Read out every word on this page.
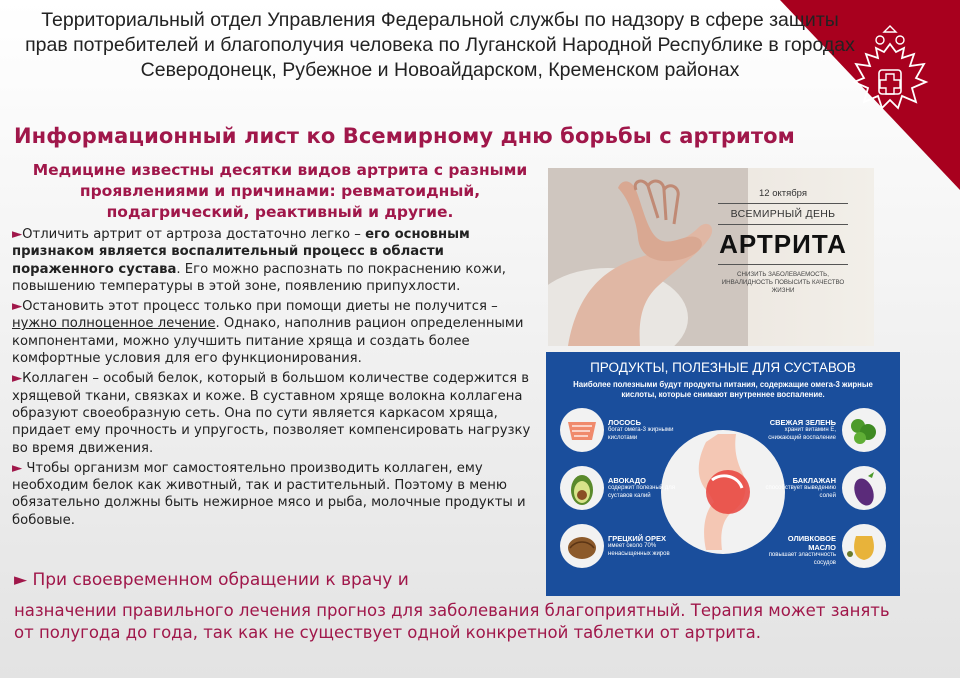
Территориальный отдел Управления Федеральной службы по надзору в сфере защиты прав потребителей и благополучия человека по Луганской Народной Республике в городах Северодонецк, Рубежное и Новоайдарском, Кременском районах
Информационный лист ко Всемирному дню борьбы с артритом
Медицине известны десятки видов артрита с разными проявлениями и причинами: ревматоидный, подагрический, реактивный и другие.

►Отличить артрит от артроза достаточно легко – его основным признаком является воспалительный процесс в области пораженного сустава. Его можно распознать по покраснению кожи, повышению температуры в этой зоне, появлению припухлости.

►Остановить этот процесс только при помощи диеты не получится – нужно полноценное лечение. Однако, наполнив рацион определенными компонентами, можно улучшить питание хряща и создать более комфортные условия для его функционирования.

►Коллаген – особый белок, который в большом количестве содержится в хрящевой ткани, связках и коже. В суставном хряще волокна коллагена образуют своеобразную сеть. Она по сути является каркасом хряща, придает ему прочность и упругость, позволяет компенсировать нагрузку во время движения.

► Чтобы организм мог самостоятельно производить коллаген, ему необходим белок как животный, так и растительный. Поэтому в меню обязательно должны быть нежирное мясо и рыба, молочные продукты и бобовые.

► При своевременном обращении к врачу и
назначении правильного лечения прогноз для заболевания благоприятный. Терапия может занять от полугода до года, так как не существует одной конкретной таблетки от артрита.
12 октября
ВСЕМИРНЫЙ ДЕНЬ
АРТРИТА
СНИЗИТЬ ЗАБОЛЕВАЕМОСТЬ, ИНВАЛИДНОСТЬ ПОВЫСИТЬ КАЧЕСТВО ЖИЗНИ
ПРОДУКТЫ, ПОЛЕЗНЫЕ ДЛЯ СУСТАВОВ
Наиболее полезными будут продукты питания, содержащие омега-3 жирные кислоты, которые снимают внутреннее воспаление.
ЛОСОСЬ
богат омега-3 жирными кислотами
АВОКАДО
содержит полезный для суставов калий
ГРЕЦКИЙ ОРЕХ
имеет около 70% ненасыщенных жиров
СВЕЖАЯ ЗЕЛЕНЬ
хранит витамин Е, снижающий воспаление
БАКЛАЖАН
способствует выведению солей
ОЛИВКОВОЕ МАСЛО
повышает эластичность сосудов
